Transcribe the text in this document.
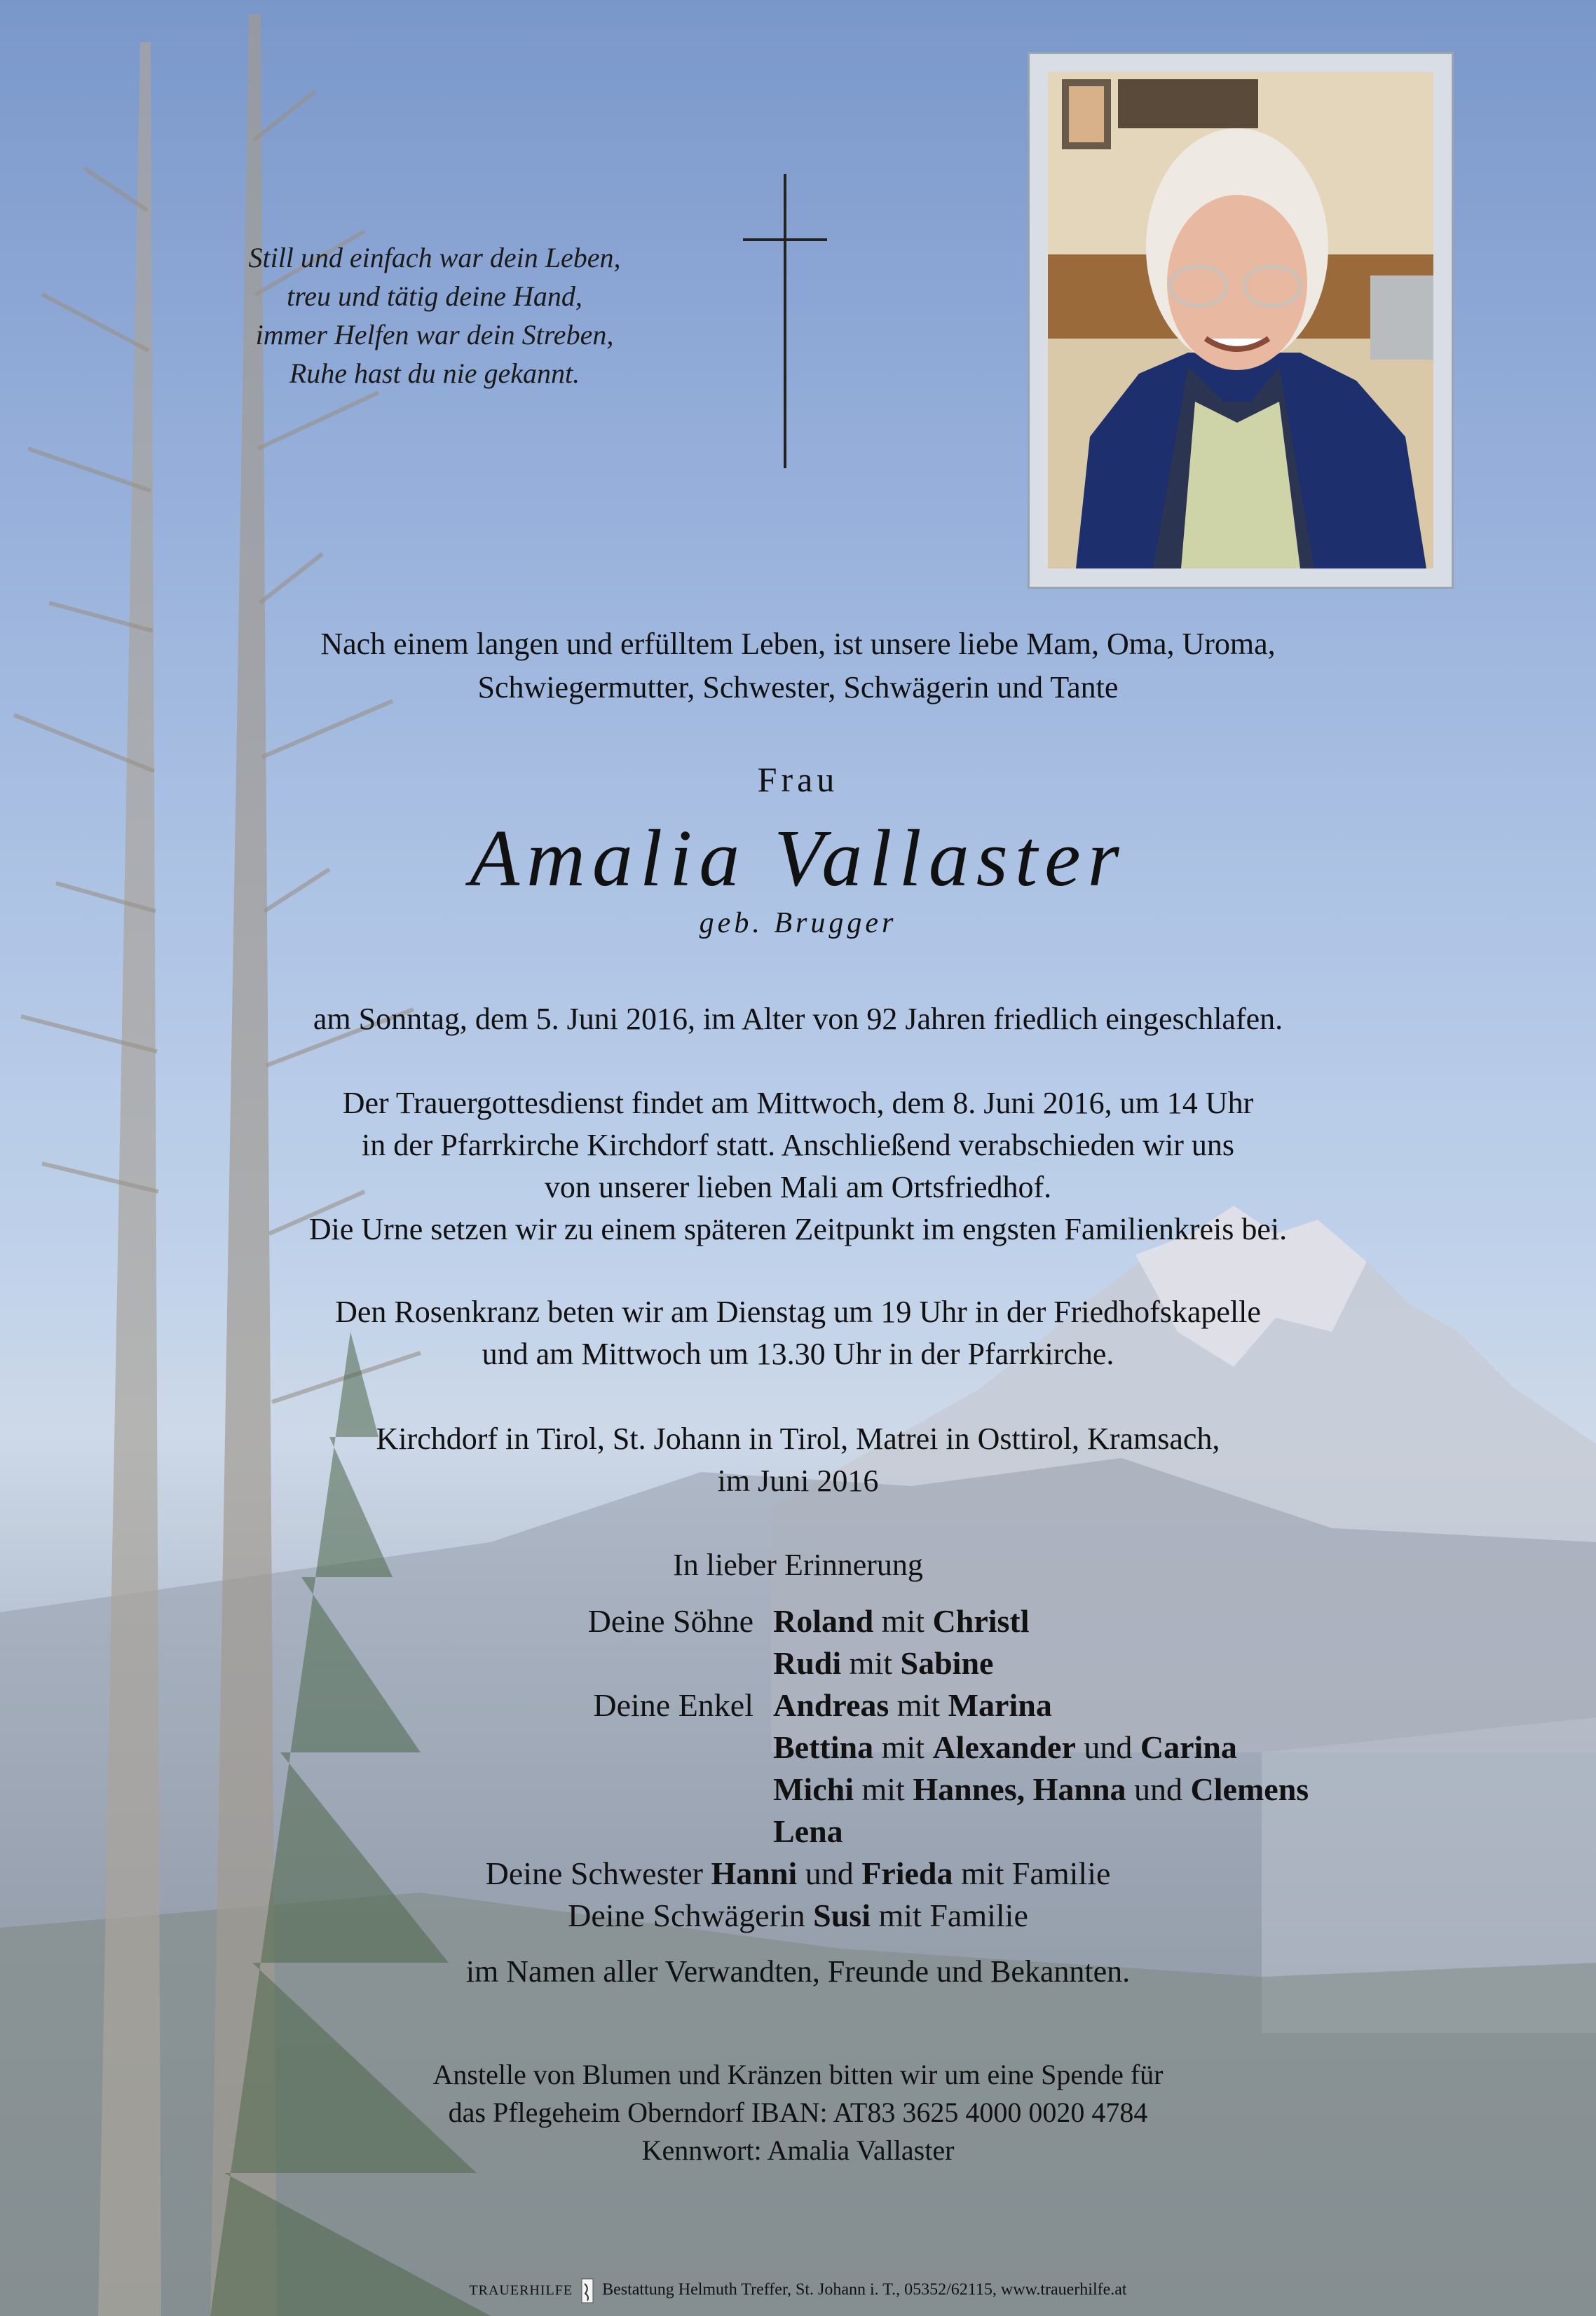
Still und einfach war dein Leben,
treu und tätig deine Hand,
immer Helfen war dein Streben,
Ruhe hast du nie gekannt.
Nach einem langen und erfülltem Leben, ist unsere liebe Mam, Oma, Uroma,
Schwiegermutter, Schwester, Schwägerin und Tante
Frau
Amalia Vallaster
geb. Brugger
am Sonntag, dem 5. Juni 2016, im Alter von 92 Jahren friedlich eingeschlafen.
Der Trauergottesdienst findet am Mittwoch, dem 8. Juni 2016, um 14 Uhr
in der Pfarrkirche Kirchdorf statt. Anschließend verabschieden wir uns
von unserer lieben Mali am Ortsfriedhof.
Die Urne setzen wir zu einem späteren Zeitpunkt im engsten Familienkreis bei.
Den Rosenkranz beten wir am Dienstag um 19 Uhr in der Friedhofskapelle
und am Mittwoch um 13.30 Uhr in der Pfarrkirche.
Kirchdorf in Tirol, St. Johann in Tirol, Matrei in Osttirol, Kramsach,
im Juni 2016
In lieber Erinnerung
Deine Söhne Roland mit Christl
Rudi mit Sabine
Deine Enkel Andreas mit Marina
Bettina mit Alexander und Carina
Michi mit Hannes, Hanna und Clemens
Lena
Deine Schwester Hanni und Frieda mit Familie
Deine Schwägerin Susi mit Familie
im Namen aller Verwandten, Freunde und Bekannten.
Anstelle von Blumen und Kränzen bitten wir um eine Spende für
das Pflegeheim Oberndorf IBAN: AT83 3625 4000 0020 4784
Kennwort: Amalia Vallaster
TRAUERHILFE Bestattung Helmuth Treffer, St. Johann i. T., 05352/62115, www.trauerhilfe.at
